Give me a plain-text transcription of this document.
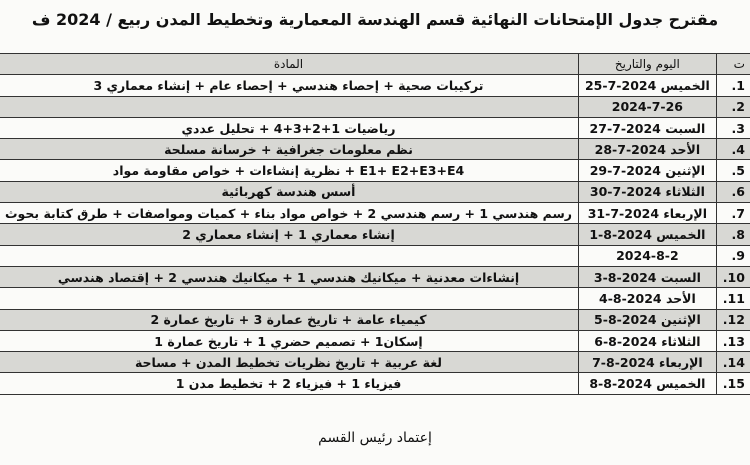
مقترح جدول الإمتحانات النهائية قسم الهندسة المعمارية وتخطيط المدن ربيع / 2024 ف
ت	اليوم والتاريخ	المادة
1.	الخميس 2024-7-25	تركيبات صحية + إحصاء هندسي + إحصاء عام + إنشاء معماري 3
2.	2024-7-26	
3.	السبت 2024-7-27	رياضيات 1+2+3+4 + تحليل عددي
4.	الأحد 2024-7-28	نظم معلومات جغرافية + خرسانة مسلحة
5.	الإثنين 2024-7-29	E1+ E2+E3+E4 + نظرية إنشاءات + خواص مقاومة مواد
6.	الثلاثاء 2024-7-30	أسس هندسة كهربائية
7.	الإربعاء 2024-7-31	رسم هندسي 1 + رسم هندسي 2 + خواص مواد بناء + كميات ومواصفات + طرق كتابة بحوث
8.	الخميس 2024-8-1	إنشاء معماري 1 + إنشاء معماري 2
9.	2024-8-2	
10.	السبت 2024-8-3	إنشاءات معدنية + ميكانيك هندسي 1 + ميكانيك هندسي 2 + إقتصاد هندسي
11.	الأحد 2024-8-4	
12.	الإثنين 2024-8-5	كيمياء عامة + تاريخ عمارة 3 + تاريخ عمارة 2
13.	الثلاثاء 2024-8-6	إسكان1 + تصميم حضري 1 + تاريخ عمارة 1
14.	الإربعاء 2024-8-7	لغة عربية + تاريخ نظريات تخطيط المدن + مساحة
15.	الخميس 2024-8-8	فيزياء 1 + فيزياء 2 + تخطيط مدن 1
إعتماد رئيس القسم
